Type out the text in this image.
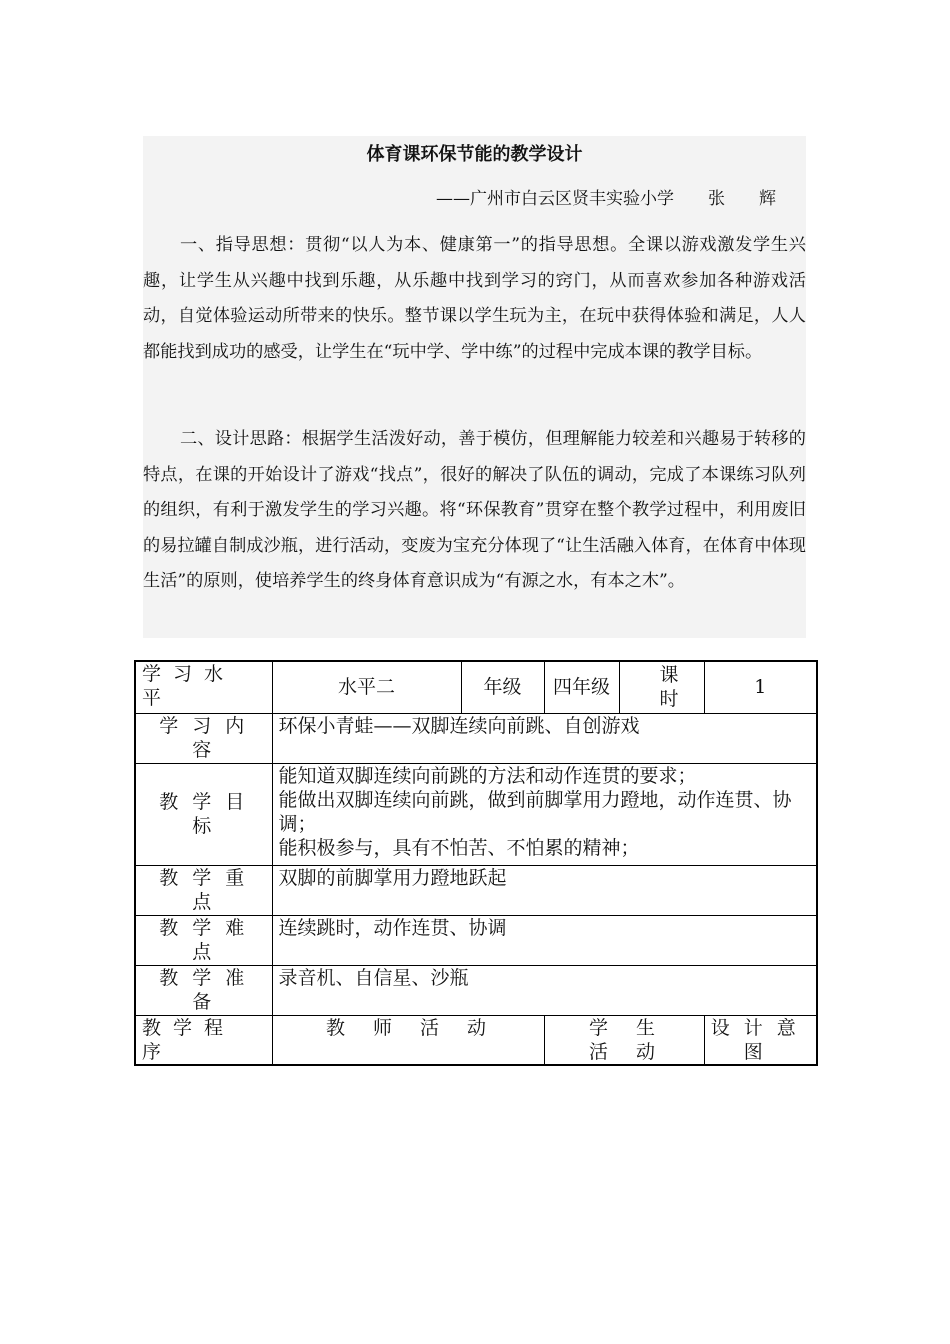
体育课环保节能的教学设计
——广州市白云区贤丰实验小学　　张　　辉

一、指导思想：贯彻“以人为本、健康第一”的指导思想。全课以游戏激发学生兴趣，让学生从兴趣中找到乐趣，从乐趣中找到学习的窍门，从而喜欢参加各种游戏活动，自觉体验运动所带来的快乐。整节课以学生玩为主，在玩中获得体验和满足，人人都能找到成功的感受，让学生在“玩中学、学中练”的过程中完成本课的教学目标。

二、设计思路：根据学生活泼好动，善于模仿，但理解能力较差和兴趣易于转移的特点，在课的开始设计了游戏“找点”，很好的解决了队伍的调动，完成了本课练习队列的组织，有利于激发学生的学习兴趣。将“环保教育”贯穿在整个教学过程中，利用废旧的易拉罐自制成沙瓶，进行活动，变废为宝充分体现了“让生活融入体育，在体育中体现生活”的原则，使培养学生的终身体育意识成为“有源之水，有本之木”。

学习水平	水平二	年级	四年级	课时	1
学习内容	环保小青蛙——双脚连续向前跳、自创游戏				
教学目标	能知道双脚连续向前跳的方法和动作连贯的要求；
能做出双脚连续向前跳，做到前脚掌用力蹬地，动作连贯、协调；
能积极参与，具有不怕苦、不怕累的精神；				

教学重点	双脚的前脚掌用力蹬地跃起				
教学难点	连续跳时，动作连贯、协调				
教学准备	录音机、自信星、沙瓶				
教学程序	教师活动		学生活动		设计意图
